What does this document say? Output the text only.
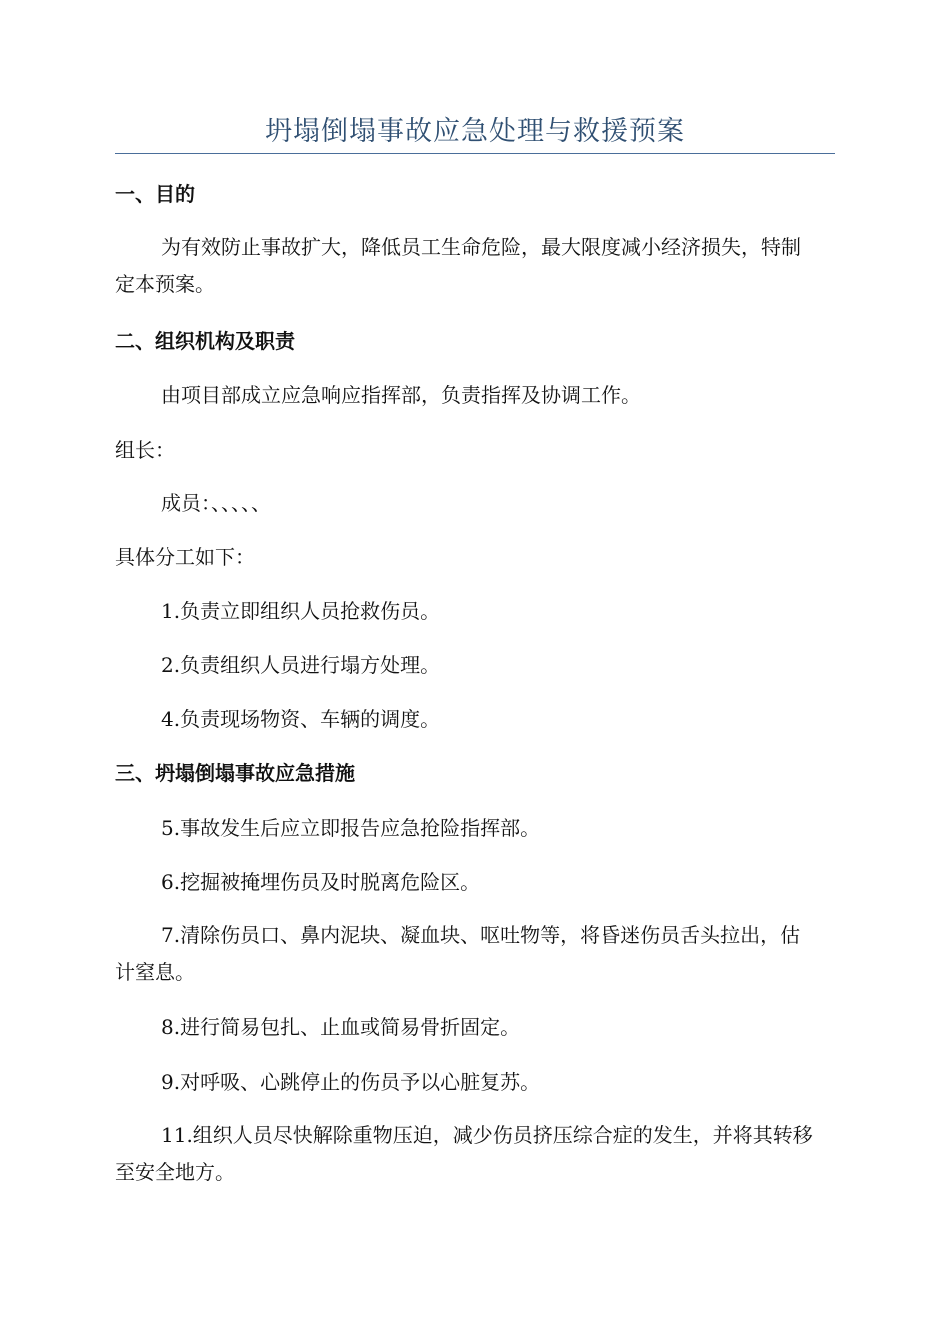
坍塌倒塌事故应急处理与救援预案
一、目的
为有效防止事故扩大，降低员工生命危险，最大限度减小经济损失，特制定本预案。
二、组织机构及职责
由项目部成立应急响应指挥部，负责指挥及协调工作。
组长：
成员：、、、、、
具体分工如下：
1.负责立即组织人员抢救伤员。
2.负责组织人员进行塌方处理。
4.负责现场物资、车辆的调度。
三、坍塌倒塌事故应急措施
5.事故发生后应立即报告应急抢险指挥部。
6.挖掘被掩埋伤员及时脱离危险区。
7.清除伤员口、鼻内泥块、凝血块、呕吐物等，将昏迷伤员舌头拉出，估计窒息。
8.进行简易包扎、止血或简易骨折固定。
9.对呼吸、心跳停止的伤员予以心脏复苏。
11.组织人员尽快解除重物压迫，减少伤员挤压综合症的发生，并将其转移至安全地方。
